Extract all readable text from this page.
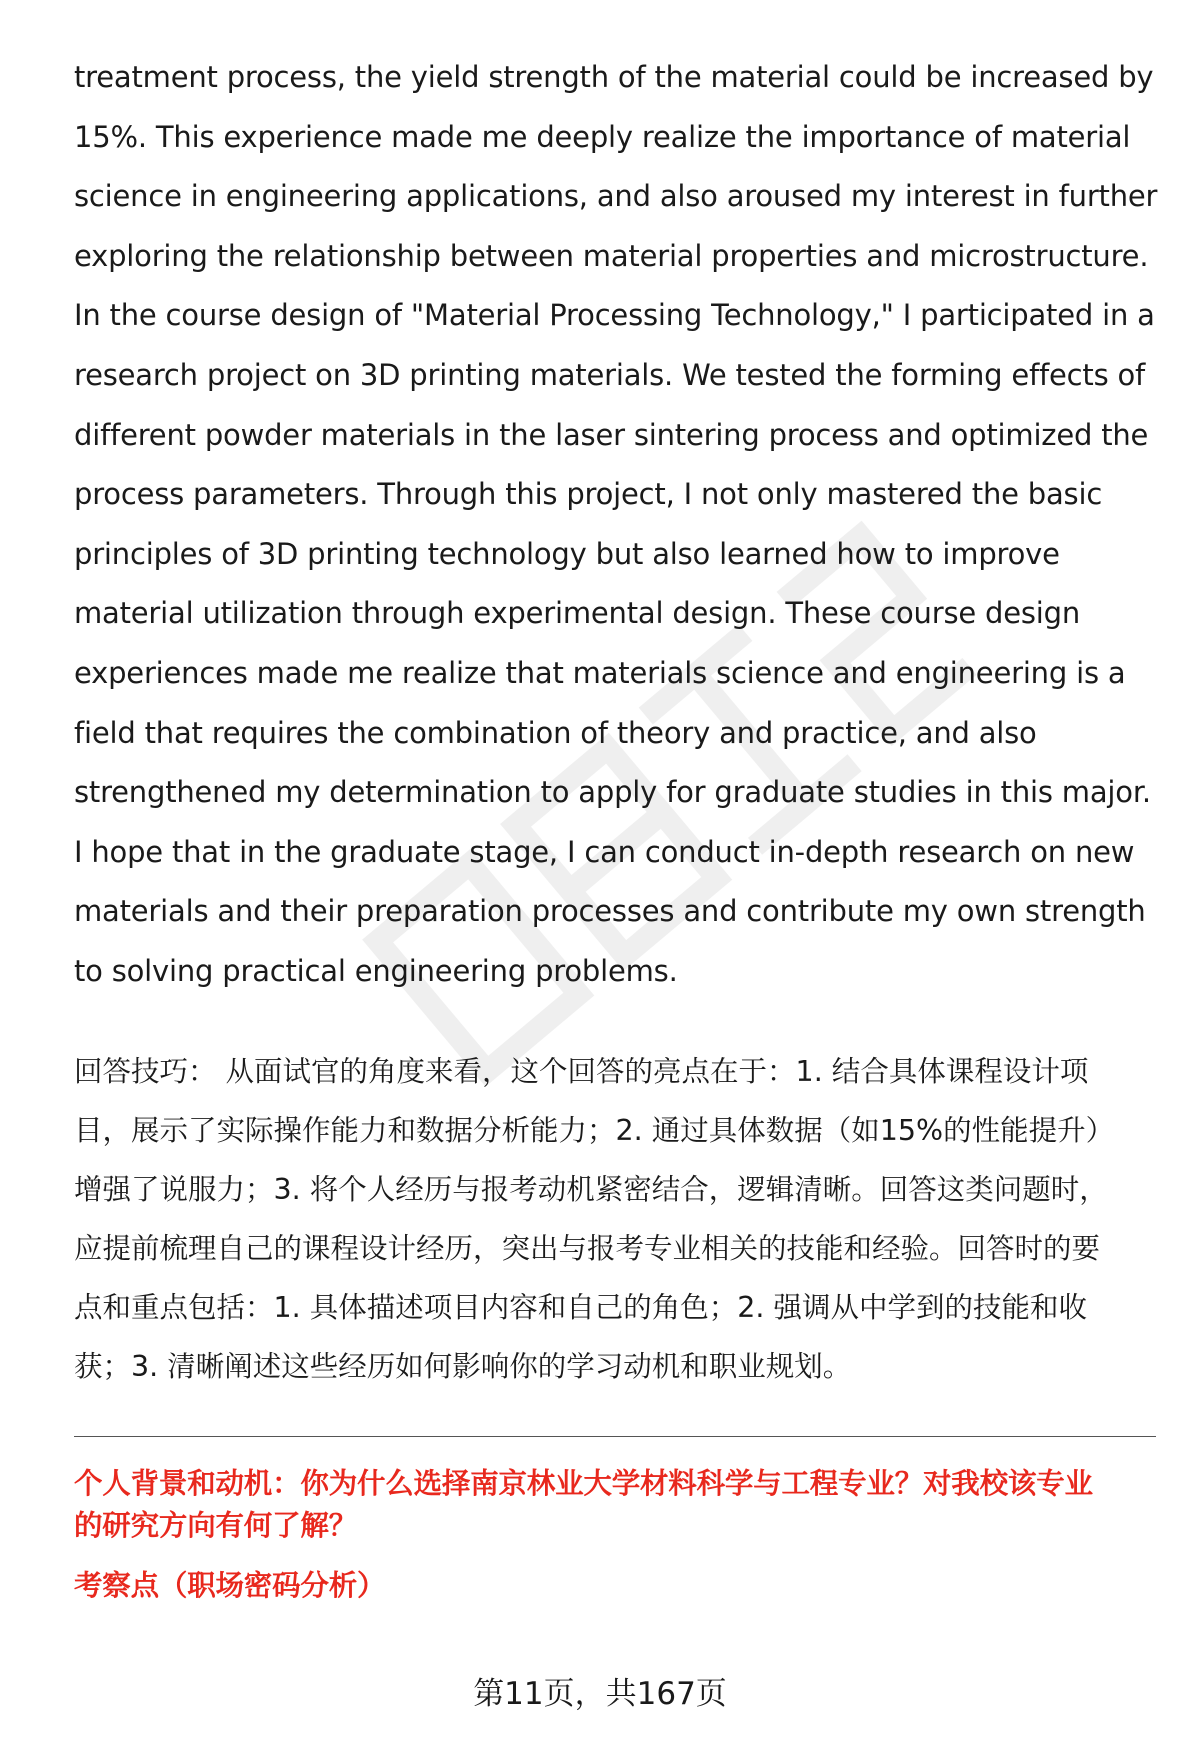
treatment process, the yield strength of the material could be increased by
15%. This experience made me deeply realize the importance of material
science in engineering applications, and also aroused my interest in further
exploring the relationship between material properties and microstructure.
In the course design of "Material Processing Technology," I participated in a
research project on 3D printing materials. We tested the forming effects of
different powder materials in the laser sintering process and optimized the
process parameters. Through this project, I not only mastered the basic
principles of 3D printing technology but also learned how to improve
material utilization through experimental design. These course design
experiences made me realize that materials science and engineering is a
field that requires the combination of theory and practice, and also
strengthened my determination to apply for graduate studies in this major.
I hope that in the graduate stage, I can conduct in-depth research on new
materials and their preparation processes and contribute my own strength
to solving practical engineering problems.
回答技巧： 从面试官的角度来看，这个回答的亮点在于：1. 结合具体课程设计项
目，展示了实际操作能力和数据分析能力；2. 通过具体数据（如15%的性能提升）
增强了说服力；3. 将个人经历与报考动机紧密结合，逻辑清晰。回答这类问题时，
应提前梳理自己的课程设计经历，突出与报考专业相关的技能和经验。回答时的要
点和重点包括：1. 具体描述项目内容和自己的角色；2. 强调从中学到的技能和收
获；3. 清晰阐述这些经历如何影响你的学习动机和职业规划。
个人背景和动机：你为什么选择南京林业大学材料科学与工程专业？对我校该专业
的研究方向有何了解？
考察点（职场密码分析）
第11页，共167页
